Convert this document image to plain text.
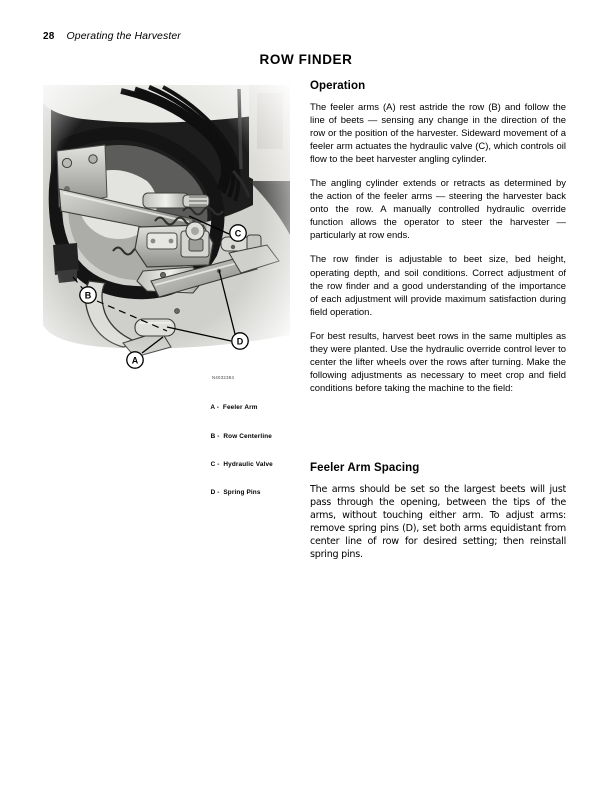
28 Operating the Harvester
ROW FINDER
A
B
C
D
N4032384

A -  Feeler Arm

B -  Row Centerline

C -  Hydraulic Valve

D -  Spring Pins

Operation

The feeler arms (A) rest astride the row (B) and follow the line of beets — sensing any change in the direction of the row or the position of the harvester. Sideward movement of a feeler arm actuates the hydraulic valve (C), which controls oil flow to the beet harvester angling cylinder.

The angling cylinder extends or retracts as determined by the action of the feeler arms — steering the harvester back onto the row. A manually controlled hydraulic override function allows the operator to steer the harvester — particularly at row ends.

The row finder is adjustable to beet size, bed height, operating depth, and soil conditions. Correct adjustment of the row finder and a good understanding of the importance of each adjustment will provide maximum satisfaction during field operation.

For best results, harvest beet rows in the same multiples as they were planted. Use the hydraulic override control lever to center the lifter wheels over the rows after turning. Make the following adjustments as necessary to meet crop and field conditions before taking the machine to the field:

Feeler Arm Spacing

The arms should be set so the largest beets will just pass through the opening, between the tips of the arms, without touching either arm. To adjust arms: remove spring pins (D), set both arms equidistant from center line of row for desired setting; then reinstall spring pins.
